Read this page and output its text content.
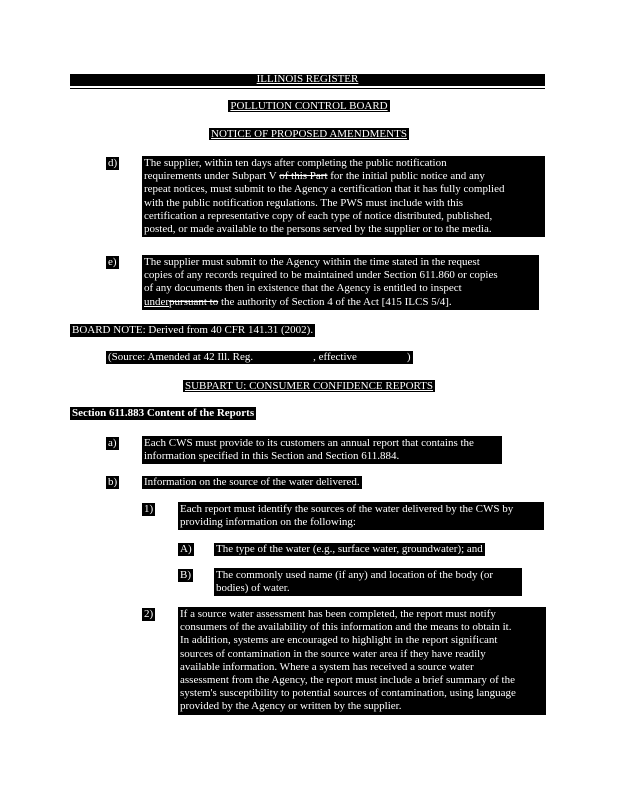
ILLINOIS REGISTER
POLLUTION CONTROL BOARD
NOTICE OF PROPOSED AMENDMENTS
d) The supplier, within ten days after completing the public notification
requirements under Subpart V of this Part for the initial public notice and any
repeat notices, must submit to the Agency a certification that it has fully complied
with the public notification regulations. The PWS must include with this
certification a representative copy of each type of notice distributed, published,
posted, or made available to the persons served by the supplier or to the media.
e) The supplier must submit to the Agency within the time stated in the request
copies of any records required to be maintained under Section 611.860 or copies
of any documents then in existence that the Agency is entitled to inspect
underpursuant to the authority of Section 4 of the Act [415 ILCS 5/4].
BOARD NOTE: Derived from 40 CFR 141.31 (2002).
(Source: Amended at 42 Ill. Reg.	, effective	)
SUBPART U: CONSUMER CONFIDENCE REPORTS
Section 611.883 Content of the Reports
a) Each CWS must provide to its customers an annual report that contains the
information specified in this Section and Section 611.884.
b) Information on the source of the water delivered.
1) Each report must identify the sources of the water delivered by the CWS by
providing information on the following:
A) The type of the water (e.g., surface water, groundwater); and
B) The commonly used name (if any) and location of the body (or
bodies) of water.
2) If a source water assessment has been completed, the report must notify
consumers of the availability of this information and the means to obtain it.
In addition, systems are encouraged to highlight in the report significant
sources of contamination in the source water area if they have readily
available information. Where a system has received a source water
assessment from the Agency, the report must include a brief summary of the
system's susceptibility to potential sources of contamination, using language
provided by the Agency or written by the supplier.
